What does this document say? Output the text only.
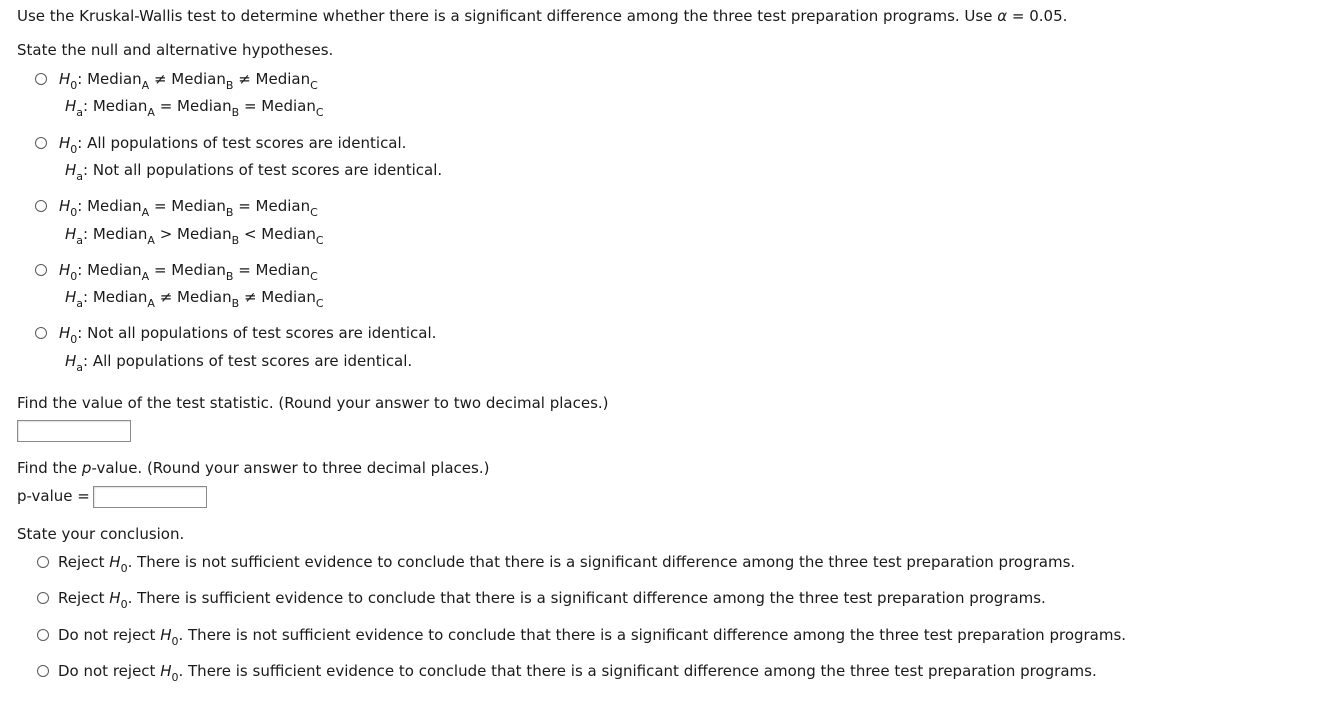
Use the Kruskal-Wallis test to determine whether there is a significant difference among the three test preparation programs. Use α = 0.05.
State the null and alternative hypotheses.
$H_0$: Median$_A$ ≠ Median$_B$ ≠ Median$_C$
$H_a$: Median$_A$ = Median$_B$ = Median$_C$
$H_0$: All populations of test scores are identical.
$H_a$: Not all populations of test scores are identical.
$H_0$: Median$_A$ = Median$_B$ = Median$_C$
$H_a$: Median$_A$ > Median$_B$ < Median$_C$
$H_0$: Median$_A$ = Median$_B$ = Median$_C$
$H_a$: Median$_A$ ≠ Median$_B$ ≠ Median$_C$
$H_0$: Not all populations of test scores are identical.
$H_a$: All populations of test scores are identical.
Find the value of the test statistic. (Round your answer to two decimal places.)
Find the p-value. (Round your answer to three decimal places.)
p-value =
State your conclusion.
Reject $H_0$. There is not sufficient evidence to conclude that there is a significant difference among the three test preparation programs.
Reject $H_0$. There is sufficient evidence to conclude that there is a significant difference among the three test preparation programs.
Do not reject $H_0$. There is not sufficient evidence to conclude that there is a significant difference among the three test preparation programs.
Do not reject $H_0$. There is sufficient evidence to conclude that there is a significant difference among the three test preparation programs.
